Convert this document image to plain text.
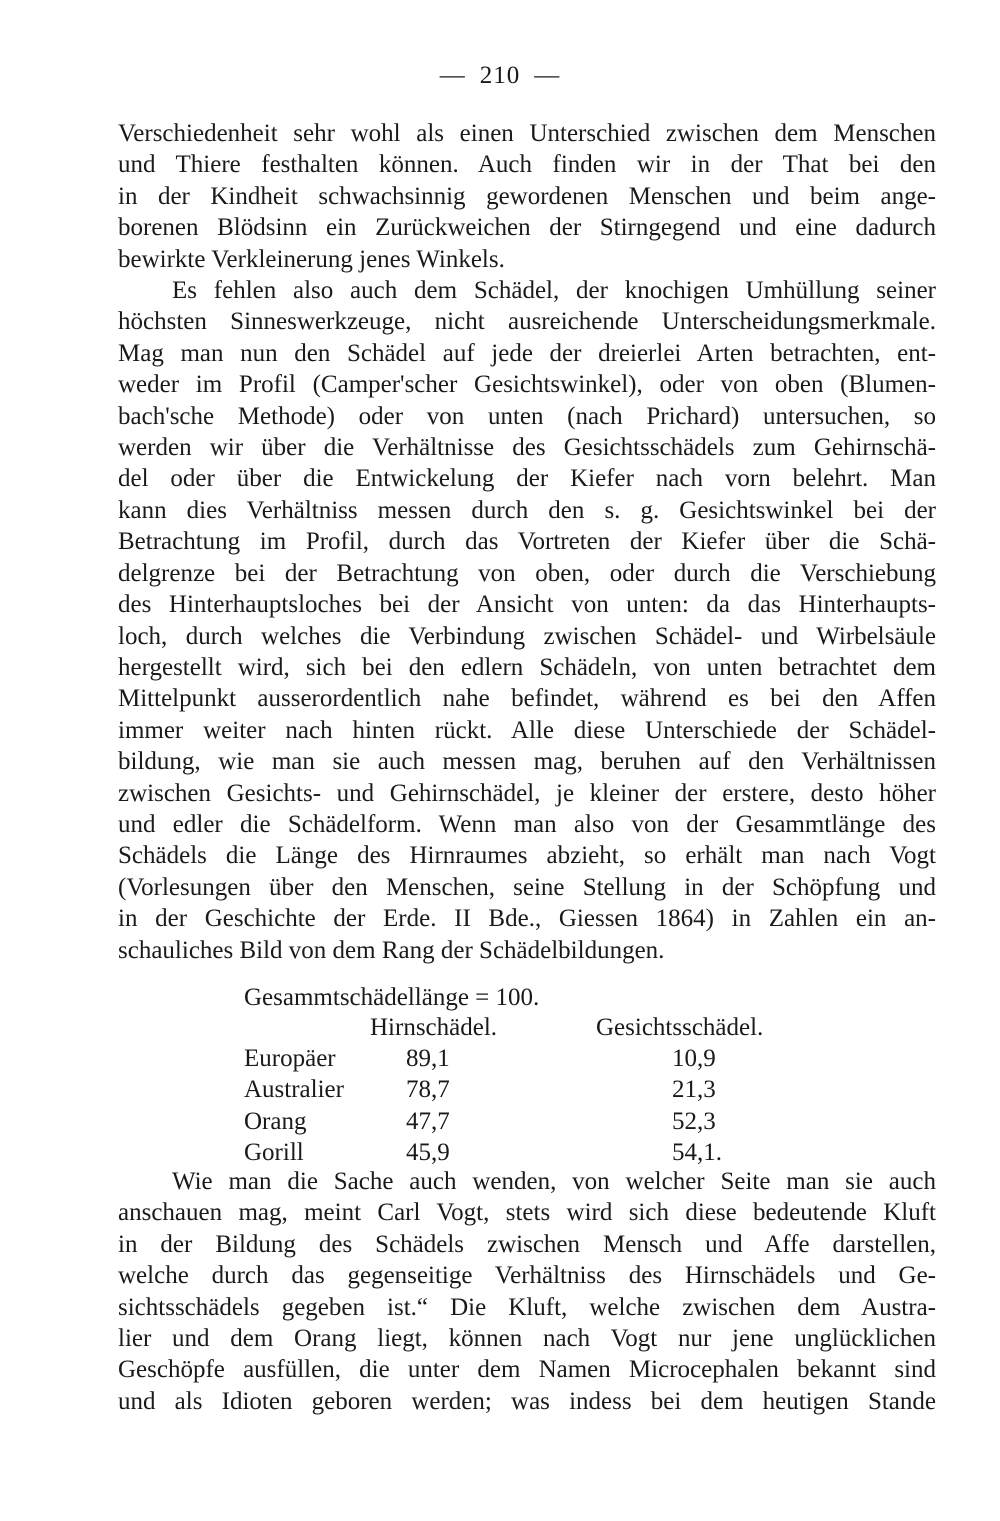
— 210 —
Verschiedenheit sehr wohl als einen Unterschied zwischen dem Menschen
und Thiere festhalten können. Auch finden wir in der That bei den
in der Kindheit schwachsinnig gewordenen Menschen und beim ange-
borenen Blödsinn ein Zurückweichen der Stirngegend und eine dadurch
bewirkte Verkleinerung jenes Winkels.
Es fehlen also auch dem Schädel, der knochigen Umhüllung seiner
höchsten Sinneswerkzeuge, nicht ausreichende Unterscheidungsmerkmale.
Mag man nun den Schädel auf jede der dreierlei Arten betrachten, ent-
weder im Profil (Camper'scher Gesichtswinkel), oder von oben (Blumen-
bach'sche Methode) oder von unten (nach Prichard) untersuchen, so
werden wir über die Verhältnisse des Gesichtsschädels zum Gehirnschä-
del oder über die Entwickelung der Kiefer nach vorn belehrt. Man
kann dies Verhältniss messen durch den s. g. Gesichtswinkel bei der
Betrachtung im Profil, durch das Vortreten der Kiefer über die Schä-
delgrenze bei der Betrachtung von oben, oder durch die Verschiebung
des Hinterhauptsloches bei der Ansicht von unten: da das Hinterhaupts-
loch, durch welches die Verbindung zwischen Schädel- und Wirbelsäule
hergestellt wird, sich bei den edlern Schädeln, von unten betrachtet dem
Mittelpunkt ausserordentlich nahe befindet, während es bei den Affen
immer weiter nach hinten rückt. Alle diese Unterschiede der Schädel-
bildung, wie man sie auch messen mag, beruhen auf den Verhältnissen
zwischen Gesichts- und Gehirnschädel, je kleiner der erstere, desto höher
und edler die Schädelform. Wenn man also von der Gesammtlänge des
Schädels die Länge des Hirnraumes abzieht, so erhält man nach Vogt
(Vorlesungen über den Menschen, seine Stellung in der Schöpfung und
in der Geschichte der Erde. II Bde., Giessen 1864) in Zahlen ein an-
schauliches Bild von dem Rang der Schädelbildungen.
Gesammtschädellänge = 100.
	Hirnschädel.	Gesichtsschädel.
Europäer	89,1	10,9
Australier	78,7	21,3
Orang	47,7	52,3
Gorill	45,9	54,1.
Wie man die Sache auch wenden, von welcher Seite man sie auch
anschauen mag, meint Carl Vogt, stets wird sich diese bedeutende Kluft
in der Bildung des Schädels zwischen Mensch und Affe darstellen,
welche durch das gegenseitige Verhältniss des Hirnschädels und Ge-
sichtsschädels gegeben ist.“ Die Kluft, welche zwischen dem Austra-
lier und dem Orang liegt, können nach Vogt nur jene unglücklichen
Geschöpfe ausfüllen, die unter dem Namen Microcephalen bekannt sind
und als Idioten geboren werden; was indess bei dem heutigen Stande
